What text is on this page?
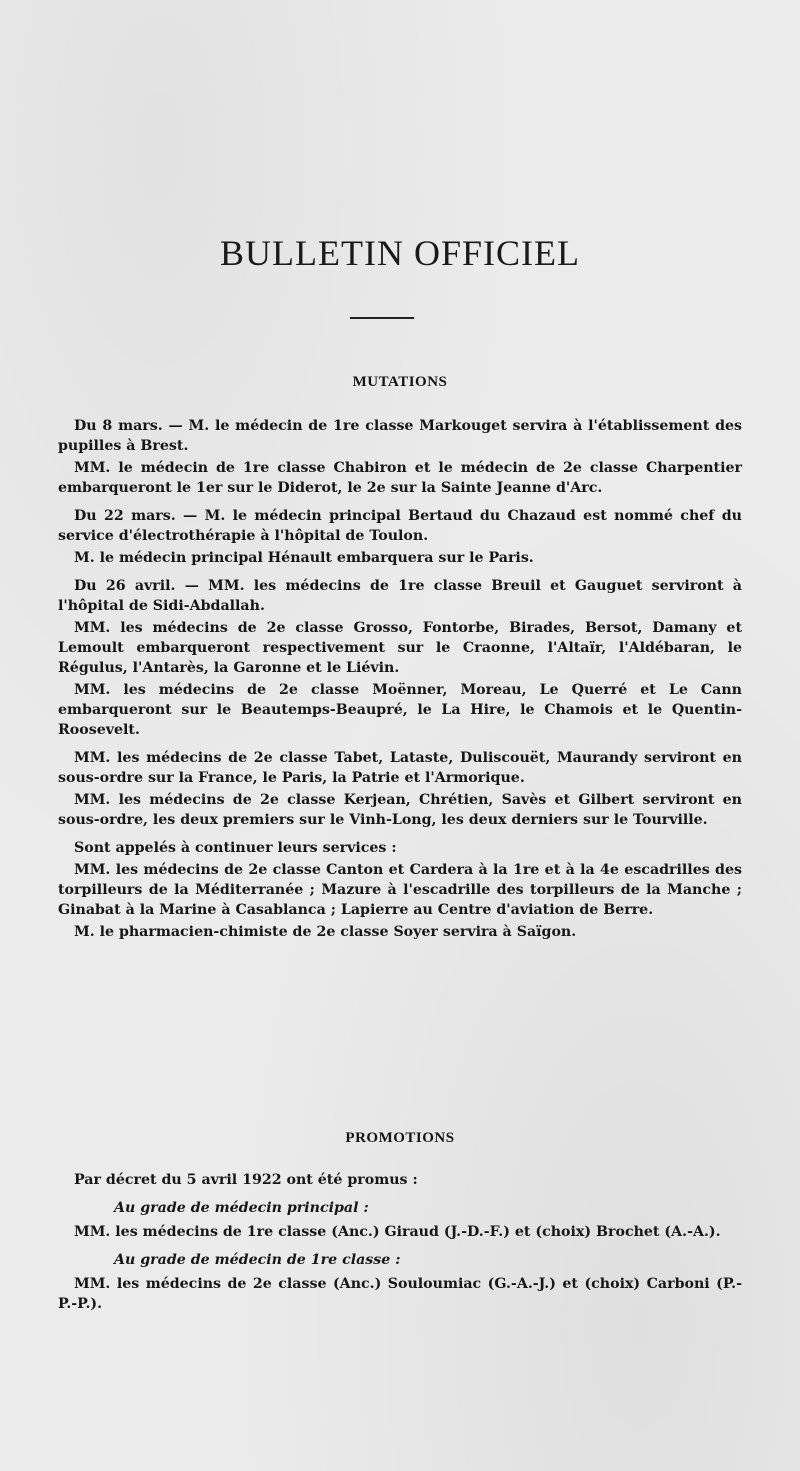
BULLETIN OFFICIEL
MUTATIONS

Du 8 mars. — M. le médecin de 1re classe Markouget servira à l'établissement des pupilles à Brest.

MM. le médecin de 1re classe Chabiron et le médecin de 2e classe Charpentier embarqueront le 1er sur le Diderot, le 2e sur la Sainte Jeanne d'Arc.

Du 22 mars. — M. le médecin principal Bertaud du Chazaud est nommé chef du service d'électrothérapie à l'hôpital de Toulon.

M. le médecin principal Hénault embarquera sur le Paris.

Du 26 avril. — MM. les médecins de 1re classe Breuil et Gauguet serviront à l'hôpital de Sidi-Abdallah.

MM. les médecins de 2e classe Grosso, Fontorbe, Birades, Bersot, Damany et Lemoult embarqueront respectivement sur le Craonne, l'Altaïr, l'Aldébaran, le Régulus, l'Antarès, la Garonne et le Liévin.

MM. les médecins de 2e classe Moënner, Moreau, Le Querré et Le Cann embarqueront sur le Beautemps-Beaupré, le La Hire, le Chamois et le Quentin-Roosevelt.

MM. les médecins de 2e classe Tabet, Lataste, Duliscouët, Maurandy serviront en sous-ordre sur la France, le Paris, la Patrie et l'Armorique.

MM. les médecins de 2e classe Kerjean, Chrétien, Savès et Gilbert serviront en sous-ordre, les deux premiers sur le Vinh-Long, les deux derniers sur le Tourville.

Sont appelés à continuer leurs services :

MM. les médecins de 2e classe Canton et Cardera à la 1re et à la 4e escadrilles des torpilleurs de la Méditerranée ; Mazure à l'escadrille des torpilleurs de la Manche ; Ginabat à la Marine à Casablanca ; Lapierre au Centre d'aviation de Berre.

M. le pharmacien-chimiste de 2e classe Soyer servira à Saïgon.

PROMOTIONS

Par décret du 5 avril 1922 ont été promus :

Au grade de médecin principal :

MM. les médecins de 1re classe (Anc.) Giraud (J.-D.-F.) et (choix) Brochet (A.-A.).

Au grade de médecin de 1re classe :

MM. les médecins de 2e classe (Anc.) Souloumiac (G.-A.-J.) et (choix) Carboni (P.-P.-P.).
